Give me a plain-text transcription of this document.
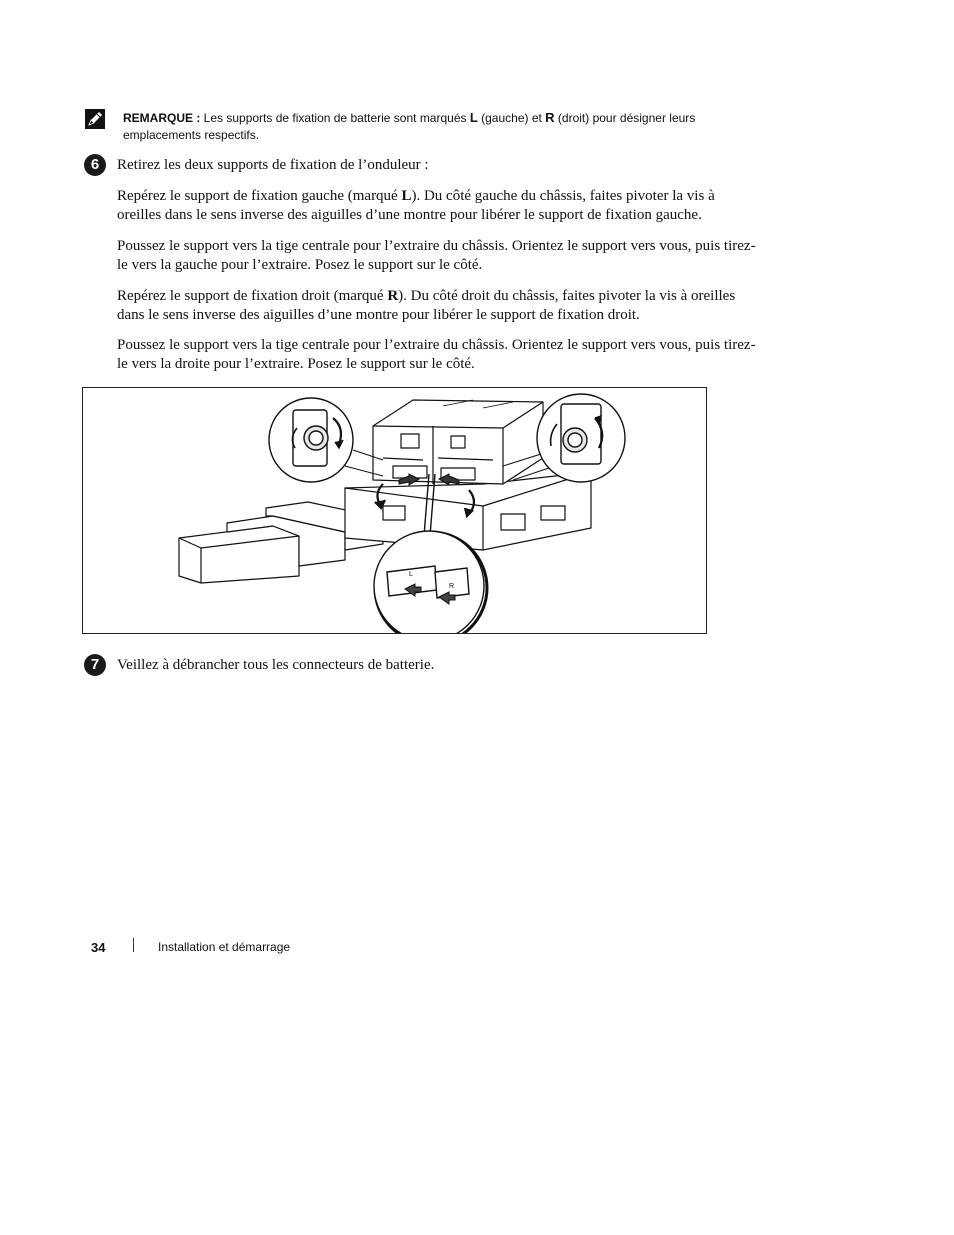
REMARQUE : Les supports de fixation de batterie sont marqués L (gauche) et R (droit) pour désigner leurs emplacements respectifs.
6	Retirez les deux supports de fixation de l’onduleur :

Repérez le support de fixation gauche (marqué L). Du côté gauche du châssis, faites pivoter la vis à oreilles dans le sens inverse des aiguilles d’une montre pour libérer le support de fixation gauche.

Poussez le support vers la tige centrale pour l’extraire du châssis. Orientez le support vers vous, puis tirez-le vers la gauche pour l’extraire. Posez le support sur le côté.

Repérez le support de fixation droit (marqué R). Du côté droit du châssis, faites pivoter la vis à oreilles dans le sens inverse des aiguilles d’une montre pour libérer le support de fixation droit.

Poussez le support vers la tige centrale pour l’extraire du châssis. Orientez le support vers vous, puis tirez-le vers la droite pour l’extraire. Posez le support sur le côté.

L
R
7	Veillez à débrancher tous les connecteurs de batterie.
34	Installation et démarrage
